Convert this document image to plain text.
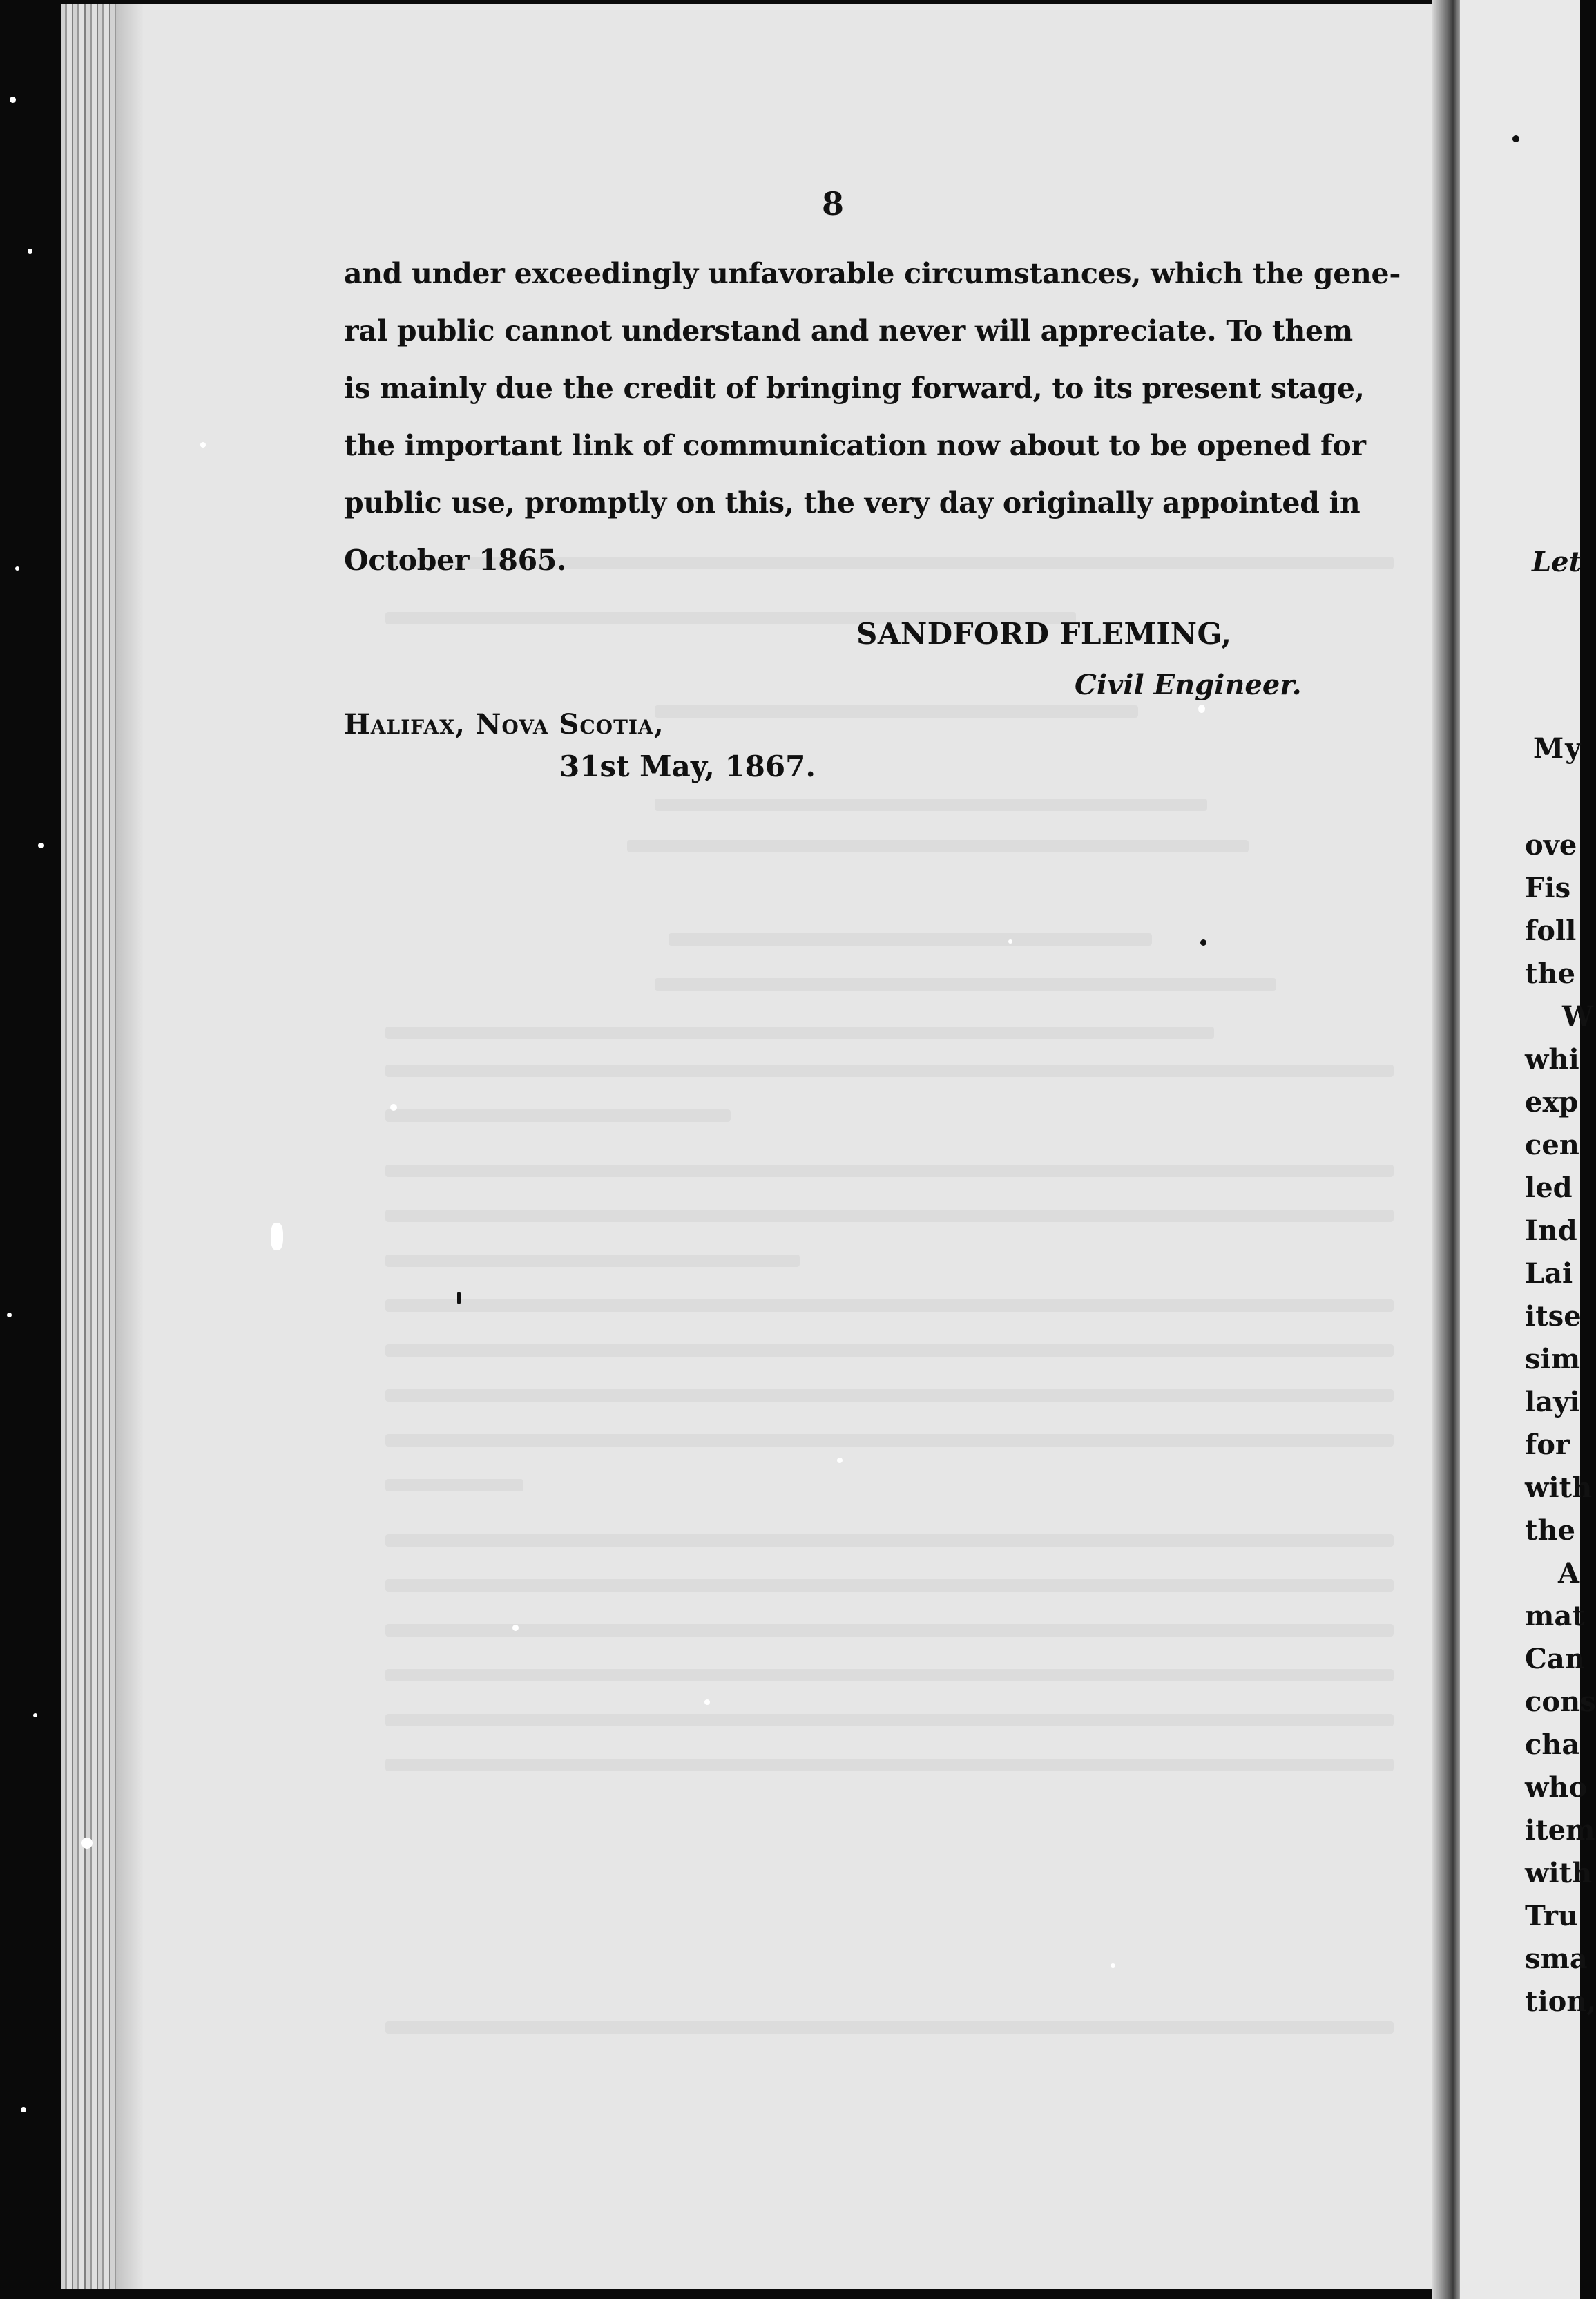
8
and under exceedingly unfavorable circumstances, which the gene-
ral public cannot understand and never will appreciate. To them
is mainly due the credit of bringing forward, to its present stage,
the important link of communication now about to be opened for
public use, promptly on this, the very day originally appointed in
October 1865.
SANDFORD FLEMING,
Civil Engineer.
Halifax, Nova Scotia,
31st May, 1867.
Let
My
ove
Fis
foll
the
W
whi
exp
cen
led
Ind
Lai
itse
sim
layi
for
with
the
A
mat
Can
cons
cha
who
item
with
Tru
sma
tion,
